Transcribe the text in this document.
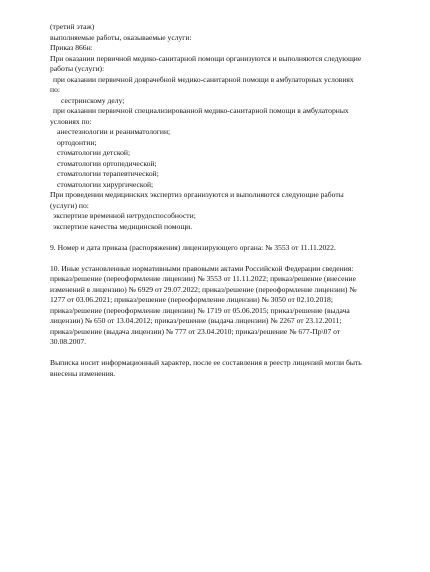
(третий этаж)
выполняемые работы, оказываемые услуги:
Приказ 866н:
При оказании первичной медико-санитарной помощи организуются и выполняются следующие
работы (услуги):
при оказании первичной доврачебной медико-санитарной помощи в амбулаторных условиях
по:
сестринскому делу;
при оказании первичной специализированной медико-санитарной помощи в амбулаторных
условиях по:
анестезиологии и реаниматологии;
ортодонтии;
стоматологии детской;
стоматологии ортопедической;
стоматологии терапевтической;
стоматологии хирургической;
При проведении медицинских экспертиз организуются и выполняются следующие работы
(услуги) по:
экспертизе временной нетрудоспособности;
экспертизе качества медицинской помощи.
9. Номер и дата приказа (распоряжения) лицензирующего органа: № 3553 от 11.11.2022.
10. Иные установленные нормативными правовыми актами Российской Федерации сведения:
приказ/решение (переоформление лицензии) № 3553 от 11.11.2022; приказ/решение (внесение
изменений в лицензию) № 6929 от 29.07.2022; приказ/решение (переоформление лицензии) №
1277 от 03.06.2021; приказ/решение (переоформление лицензии) № 3050 от 02.10.2018;
приказ/решение (переоформление лицензии) № 1719 от 05.06.2015; приказ/решение (выдача
лицензии) № 650 от 13.04.2012; приказ/решение (выдача лицензии) № 2267 от 23.12.2011;
приказ/решение (выдача лицензии) № 777 от 23.04.2010; приказ/решение № 677-Пр\07 от
30.08.2007.
Выписка носит информационный характер, после ее составления в реестр лицензий могли быть
внесены изменения.
